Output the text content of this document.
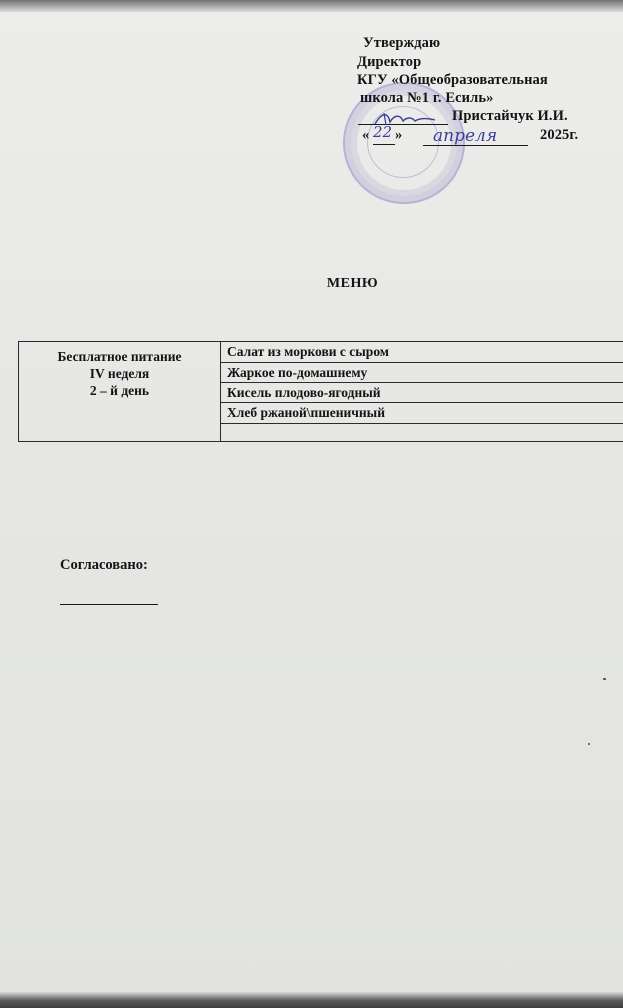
Утверждаю
Директор
КГУ «Общеобразовательная
школа №1 г. Есиль»
Пристайчук И.И.
« 22 » апреля	2025г.
МЕНЮ
Бесплатное питание
IV неделя
2 – й день
Салат из моркови с сыром
Жаркое по-домашнему
Кисель плодово-ягодный
Хлеб ржаной\пшеничный
Согласовано:
